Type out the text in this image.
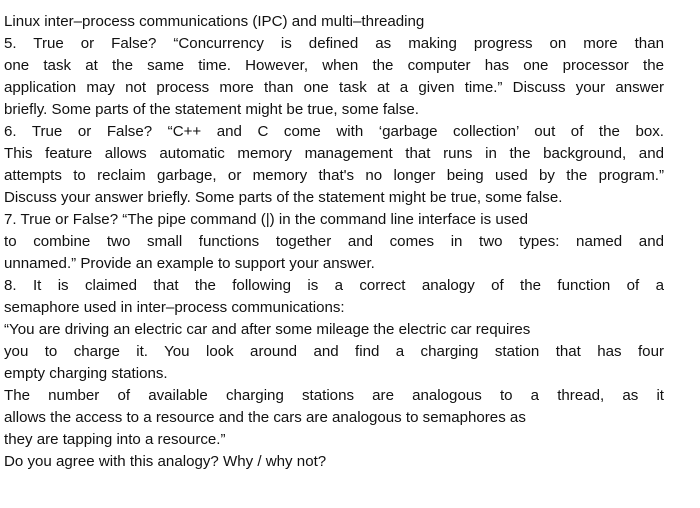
Linux inter–process communications (IPC) and multi–threading
5. True or False? “Concurrency is defined as making progress on more than
one task at the same time. However, when the computer has one processor the
application may not process more than one task at a given time.” Discuss your answer
briefly. Some parts of the statement might be true, some false.
6. True or False? “C++ and C come with ‘garbage collection’ out of the box.
This feature allows automatic memory management that runs in the background, and
attempts to reclaim garbage, or memory that's no longer being used by the program.”
Discuss your answer briefly. Some parts of the statement might be true, some false.
7. True or False? “The pipe command (|) in the command line interface is used
to combine two small functions together and comes in two types: named and
unnamed.” Provide an example to support your answer.
8. It is claimed that the following is a correct analogy of the function of a
semaphore used in inter–process communications:
“You are driving an electric car and after some mileage the electric car requires
you to charge it. You look around and find a charging station that has four
empty charging stations.
The number of available charging stations are analogous to a thread, as it
allows the access to a resource and the cars are analogous to semaphores as
they are tapping into a resource.”
Do you agree with this analogy? Why / why not?
